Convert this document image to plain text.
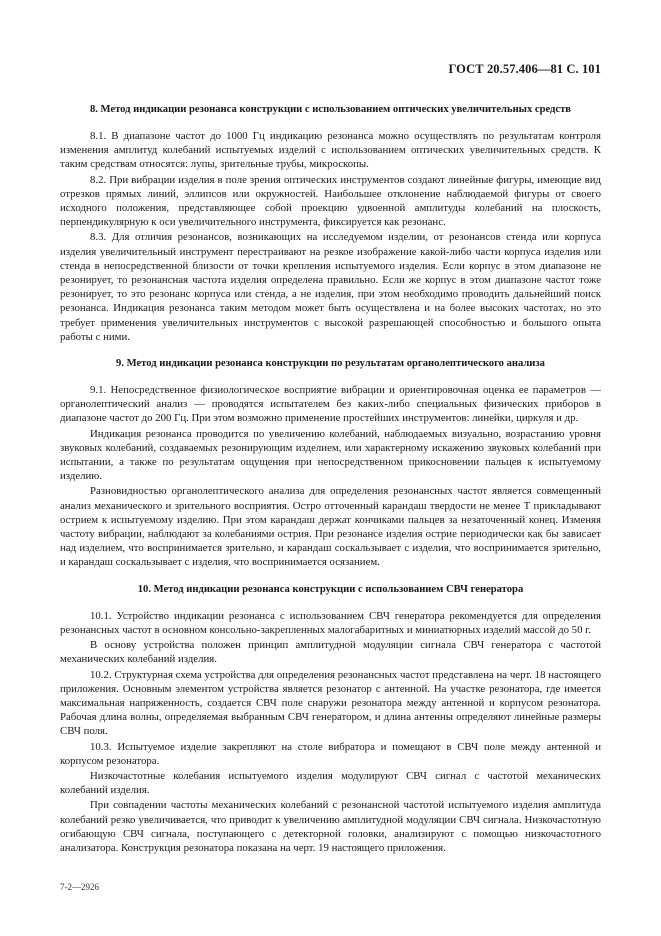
ГОСТ 20.57.406—81 С. 101
8. Метод индикации резонанса конструкции с использованием оптических увеличительных средств

8.1. В диапазоне частот до 1000 Гц индикацию резонанса можно осуществлять по результатам контроля изменения амплитуд колебаний испытуемых изделий с использованием оптических увеличительных средств. К таким средствам относятся: лупы, зрительные трубы, микроскопы.

8.2. При вибрации изделия в поле зрения оптических инструментов создают линейные фигуры, имеющие вид отрезков прямых линий, эллипсов или окружностей. Наибольшее отклонение наблюдаемой фигуры от своего исходного положения, представляющее собой проекцию удвоенной амплитуды колебаний на плоскость, перпендикулярную к оси увеличительного инструмента, фиксируется как резонанс.

8.3. Для отличия резонансов, возникающих на исследуемом изделии, от резонансов стенда или корпуса изделия увеличительный инструмент перестраивают на резкое изображение какой-либо части корпуса изделия или стенда в непосредственной близости от точки крепления испытуемого изделия. Если корпус в этом диапазоне не резонирует, то резонансная частота изделия определена правильно. Если же корпус в этом диапазоне частот тоже резонирует, то это резонанс корпуса или стенда, а не изделия, при этом необходимо проводить дальнейший поиск резонанса. Индикация резонанса таким методом может быть осуществлена и на более высоких частотах, но это требует применения увеличительных инструментов с высокой разрешающей способностью и большого опыта работы с ними.

9. Метод индикации резонанса конструкции по результатам органолептического анализа

9.1. Непосредственное физиологическое восприятие вибрации и ориентировочная оценка ее параметров — органолептический анализ — проводятся испытателем без каких-либо специальных физических приборов в диапазоне частот до 200 Гц. При этом возможно применение простейших инструментов: линейки, циркуля и др.

Индикация резонанса проводится по увеличению колебаний, наблюдаемых визуально, возрастанию уровня звуковых колебаний, создаваемых резонирующим изделием, или характерному искажению звуковых колебаний при испытании, а также по результатам ощущения при непосредственном прикосновении пальцев к испытуемому изделию.

Разновидностью органолептического анализа для определения резонансных частот является совмещенный анализ механического и зрительного восприятия. Остро отточенный карандаш твердости не менее Т прикладывают острием к испытуемому изделию. При этом карандаш держат кончиками пальцев за незаточенный конец. Изменяя частоту вибрации, наблюдают за колебаниями острия. При резонансе изделия острие периодически как бы зависает над изделием, что воспринимается зрительно, и карандаш соскальзывает с изделия, что воспринимается зрительно, и карандаш соскальзывает с изделия, что воспринимается осязанием.

10. Метод индикации резонанса конструкции с использованием СВЧ генератора

10.1. Устройство индикации резонанса с использованием СВЧ генератора рекомендуется для определения резонансных частот в основном консольно-закрепленных малогабаритных и миниатюрных изделий массой до 50 г.

В основу устройства положен принцип амплитудной модуляции сигнала СВЧ генератора с частотой механических колебаний изделия.

10.2. Структурная схема устройства для определения резонансных частот представлена на черт. 18 настоящего приложения. Основным элементом устройства является резонатор с антенной. На участке резонатора, где имеется максимальная напряженность, создается СВЧ поле снаружи резонатора между антенной и корпусом резонатора. Рабочая длина волны, определяемая выбранным СВЧ генератором, и длина антенны определяют линейные размеры СВЧ поля.

10.3. Испытуемое изделие закрепляют на столе вибратора и помещают в СВЧ поле между антенной и корпусом резонатора.

Низкочастотные колебания испытуемого изделия модулируют СВЧ сигнал с частотой механических колебаний изделия.

При совпадении частоты механических колебаний с резонансной частотой испытуемого изделия амплитуда колебаний резко увеличивается, что приводит к увеличению амплитудной модуляции СВЧ сигнала. Низкочастотную огибающую СВЧ сигнала, поступающего с детекторной головки, анализируют с помощью низкочастотного анализатора. Конструкция резонатора показана на черт. 19 настоящего приложения.

7-2—2926
